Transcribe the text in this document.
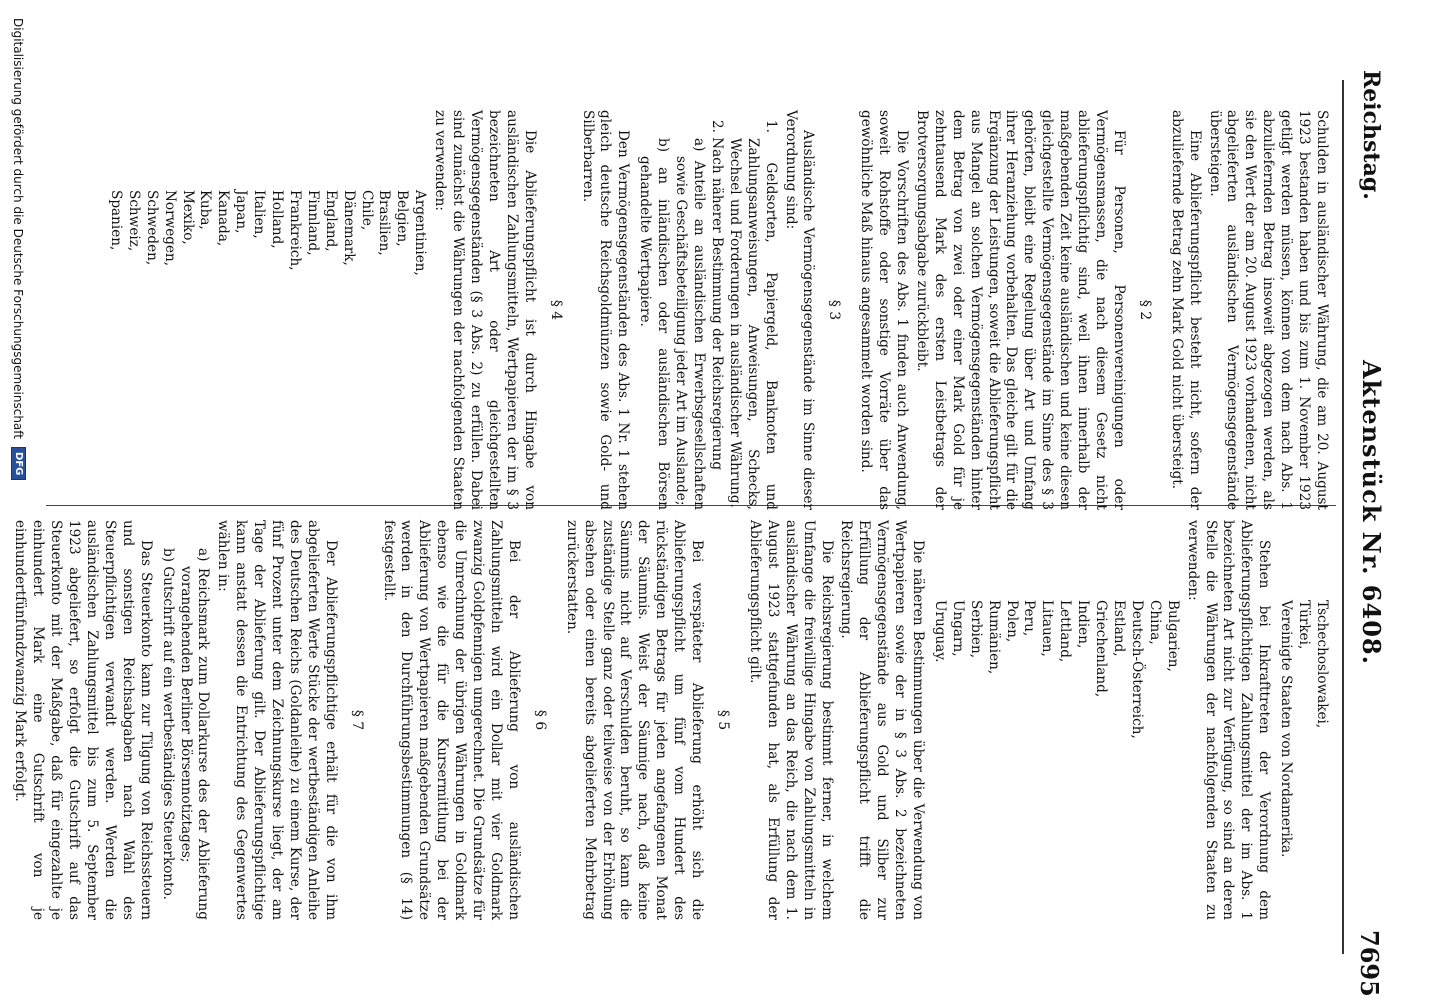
Reichstag.
Aktenstück Nr. 6408.
7695

Schulden in ausländischer Währung, die am 20. August 1923 bestanden haben und bis zum 1. November 1923 getilgt werden müssen, können von dem nach Abs. 1 abzuliefernden Betrag insoweit abgezogen werden, als sie den Wert der am 20. August 1923 vorhandenen, nicht abgelieferten ausländischen Vermögensgegenstände übersteigen.

Eine Ablieferungspflicht besteht nicht, sofern der abzuliefernde Betrag zehn Mark Gold nicht übersteigt.

§ 2

Für Personen, Personenvereinigungen oder Vermögensmassen, die nach diesem Gesetz nicht ablieferungspflichtig sind, weil ihnen innerhalb der maßgebenden Zeit keine ausländischen und keine diesen gleichgestellte Vermögensgegenstände im Sinne des § 3 gehörten, bleibt eine Regelung über Art und Umfang ihrer Heranziehung vorbehalten. Das gleiche gilt für die Ergänzung der Leistungen, soweit die Ablieferungspflicht aus Mangel an solchen Vermögensgegenständen hinter dem Betrag von zwei oder einer Mark Gold für je zehntausend Mark des ersten Leistbetrags der Brotversorgungsabgabe zurückbleibt.

Die Vorschriften des Abs. 1 finden auch Anwendung, soweit Rohstoffe oder sonstige Vorräte über das gewöhnliche Maß hinaus angesammelt worden sind.

§ 3

Ausländische Vermögensgegenstände im Sinne dieser Verordnung sind:

1. Geldsorten, Papiergeld, Banknoten und Zahlungsanweisungen, Anweisungen, Schecks, Wechsel und Forderungen in ausländischer Währung.
2. Nach näherer Bestimmung der Reichsregierung
a) Anteile an ausländischen Erwerbsgesellschaften sowie Geschäftsbeteiligung jeder Art im Auslande;
b) an inländischen oder ausländischen Börsen gehandelte Wertpapiere.

Den Vermögensgegenständen des Abs. 1 Nr. 1 stehen gleich deutsche Reichsgoldmünzen sowie Gold- und Silberbarren.

§ 4

Die Ablieferungspflicht ist durch Hingabe von ausländischen Zahlungsmitteln, Wertpapieren der im § 3 bezeichneten Art oder gleichgestellten Vermögensgegenständen (§ 3 Abs. 2) zu erfüllen. Dabei sind zunächst die Währungen der nachfolgenden Staaten zu verwenden:

Argentinien,
Belgien,
Brasilien,
Chile,
Dänemark,
England,
Finnland,
Frankreich,
Holland,
Italien,
Japan,
Kanada,
Kuba,
Mexiko,
Norwegen,
Schweden,
Schweiz,
Spanien,
Tschechoslowakei,
Türkei,
Vereinigte Staaten von Nordamerika.

Stehen bei Inkrafttreten der Verordnung dem Ablieferungspflichtigen Zahlungsmittel der im Abs. 1 bezeichneten Art nicht zur Verfügung, so sind an deren Stelle die Währungen der nachfolgenden Staaten zu verwenden:

Bulgarien,
China,
Deutsch-Österreich,
Estland,
Griechenland,
Indien,
Lettland,
Litauen,
Peru,
Polen,
Rumänien,
Serbien,
Ungarn,
Uruguay.

Die näheren Bestimmungen über die Verwendung von Wertpapieren sowie der in § 3 Abs. 2 bezeichneten Vermögensgegenstände aus Gold und Silber zur Erfüllung der Ablieferungspflicht trifft die Reichsregierung.

Die Reichsregierung bestimmt ferner, in welchem Umfange die freiwillige Hingabe von Zahlungsmitteln in ausländischer Währung an das Reich, die nach dem 1. August 1923 stattgefunden hat, als Erfüllung der Ablieferungspflicht gilt.

§ 5

Bei verspäteter Ablieferung erhöht sich die Ablieferungspflicht um fünf vom Hundert des rückständigen Betrags für jeden angefangenen Monat der Säumnis. Weist der Säumige nach, daß keine Säumnis nicht auf Verschulden beruht, so kann die zuständige Stelle ganz oder teilweise von der Erhöhung absehen oder einen bereits abgelieferten Mehrbetrag zurückerstatten.

§ 6

Bei der Ablieferung von ausländischen Zahlungsmitteln wird ein Dollar mit vier Goldmark zwanzig Goldpfennigen umgerechnet. Die Grundsätze für die Umrechnung der übrigen Währungen in Goldmark ebenso wie die für die Kursermittlung bei der Ablieferung von Wertpapieren maßgebenden Grundsätze werden in den Durchführungsbestimmungen (§ 14) festgestellt.

§ 7

Der Ablieferungspflichtige erhält für die von ihm abgelieferten Werte Stücke der wertbeständigen Anleihe des Deutschen Reichs (Goldanleihe) zu einem Kurse, der fünf Prozent unter dem Zeichnungskurse liegt, der am Tage der Ablieferung gilt. Der Ablieferungspflichtige kann anstatt dessen die Entrichtung des Gegenwertes wählen in:

a) Reichsmark zum Dollarkurse des der Ablieferung vorangehenden Berliner Börsennotiztages;
b) Gutschrift auf ein wertbeständiges Steuerkonto.

Das Steuerkonto kann zur Tilgung von Reichssteuern und sonstigen Reichsabgaben nach Wahl des Steuerpflichtigen verwandt werden. Werden die ausländischen Zahlungsmittel bis zum 5. September 1923 abgeliefert, so erfolgt die Gutschrift auf das Steuerkonto mit der Maßgabe, daß für eingezahlte je einhundert Mark eine Gutschrift von je einhundertfünfundzwanzig Mark erfolgt.

Digitalisierung gefördert durch die Deutsche Forschungsgemeinschaft
DFG
